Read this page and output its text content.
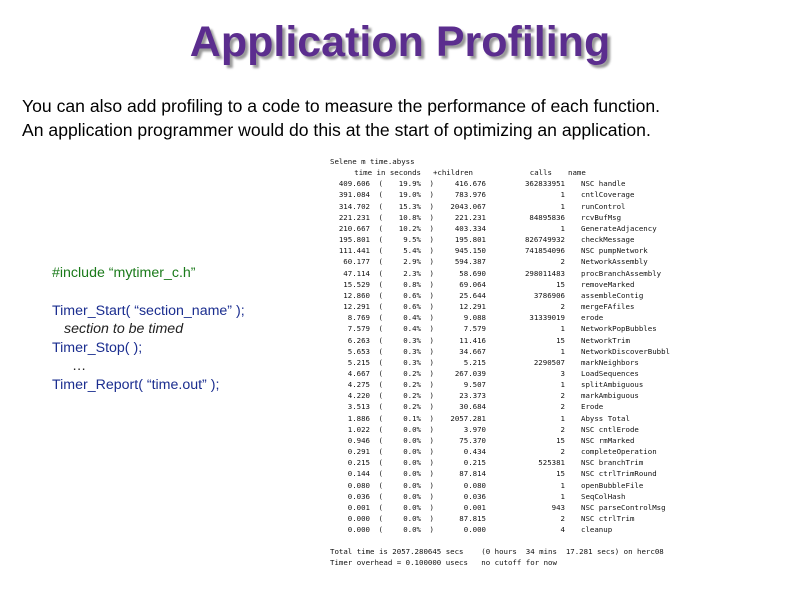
Application Profiling
You can also add profiling to a code to measure the performance of each function.
An application programmer would do this at the start of optimizing an application.
#include “mytimer_c.h”
Timer_Start( “section_name” );
section to be timed
Timer_Stop( );
…
Timer_Report( “time.out” );
Selene m time.abyss
time in seconds	+children	calls	name
409.606	(	19.9%	)	416.676	362833951	NSC handle
391.084	(	19.0%	)	783.976	1	cntlCoverage
314.702	(	15.3%	)	2043.067	1	runControl
221.231	(	10.8%	)	221.231	84895836	rcvBufMsg
210.667	(	10.2%	)	403.334	1	GenerateAdjacency
195.801	(	9.5%	)	195.801	826749932	checkMessage
111.441	(	5.4%	)	945.150	741854096	NSC pumpNetwork
60.177	(	2.9%	)	594.387	2	NetworkAssembly
47.114	(	2.3%	)	58.690	298011483	procBranchAssembly
15.529	(	0.8%	)	69.064	15	removeMarked
12.860	(	0.6%	)	25.644	3786906	assembleContig
12.291	(	0.6%	)	12.291	2	mergeFAfiles
8.769	(	0.4%	)	9.088	31339019	erode
7.579	(	0.4%	)	7.579	1	NetworkPopBubbles
6.263	(	0.3%	)	11.416	15	NetworkTrim
5.653	(	0.3%	)	34.667	1	NetworkDiscoverBubbl
5.215	(	0.3%	)	5.215	2290507	markNeighbors
4.667	(	0.2%	)	267.039	3	LoadSequences
4.275	(	0.2%	)	9.507	1	splitAmbiguous
4.220	(	0.2%	)	23.373	2	markAmbiguous
3.513	(	0.2%	)	30.684	2	Erode
1.886	(	0.1%	)	2057.281	1	Abyss Total
1.022	(	0.0%	)	3.970	2	NSC cntlErode
0.946	(	0.0%	)	75.370	15	NSC rmMarked
0.291	(	0.0%	)	0.434	2	completeOperation
0.215	(	0.0%	)	0.215	525381	NSC branchTrim
0.144	(	0.0%	)	87.814	15	NSC ctrlTrimRound
0.080	(	0.0%	)	0.080	1	openBubbleFile
0.036	(	0.0%	)	0.036	1	SeqColHash
0.001	(	0.0%	)	0.001	943	NSC parseControlMsg
0.000	(	0.0%	)	87.815	2	NSC ctrlTrim
0.000	(	0.0%	)	0.000	4	cleanup
Total time is 2057.280645 secs    (0 hours  34 mins  17.281 secs) on herc08
Timer overhead = 0.100000 usecs   no cutoff for now
